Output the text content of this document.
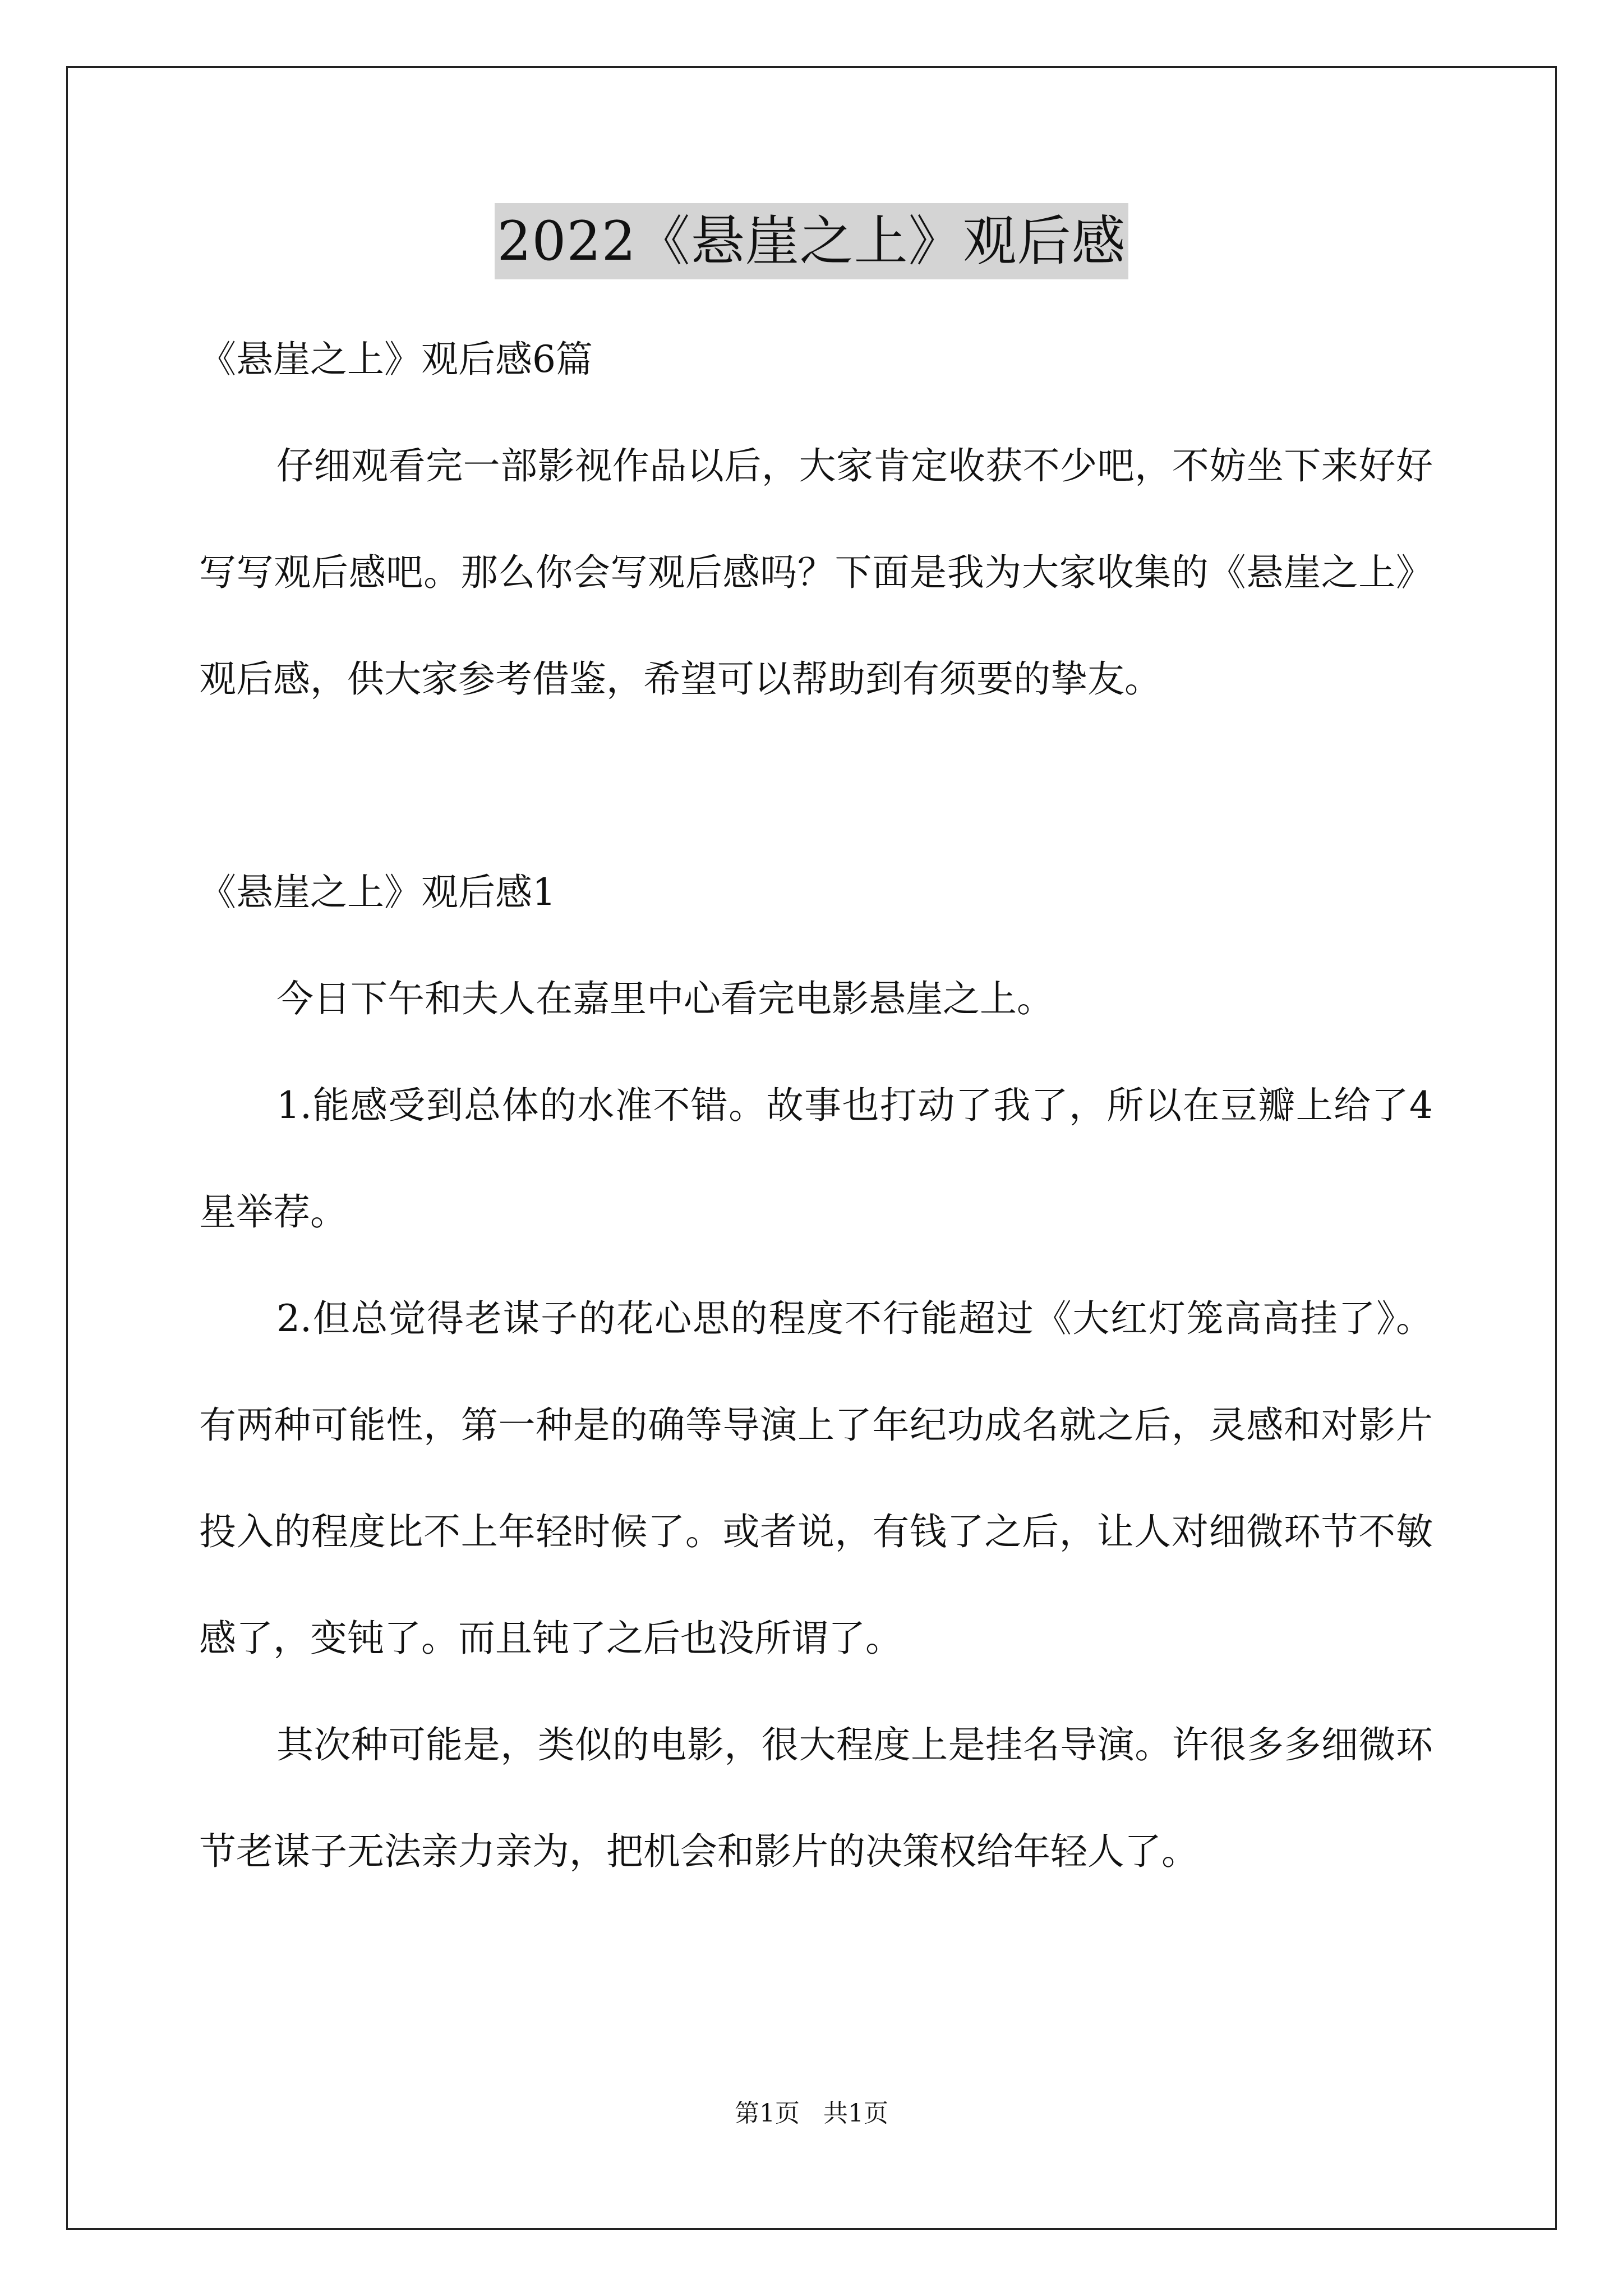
2022《悬崖之上》观后感

《悬崖之上》观后感6篇

仔细观看完一部影视作品以后，大家肯定收获不少吧，不妨坐下来好好写写观后感吧。那么你会写观后感吗？下面是我为大家收集的《悬崖之上》观后感，供大家参考借鉴，希望可以帮助到有须要的挚友。

《悬崖之上》观后感1

今日下午和夫人在嘉里中心看完电影悬崖之上。

1.能感受到总体的水准不错。故事也打动了我了，所以在豆瓣上给了4星举荐。

2.但总觉得老谋子的花心思的程度不行能超过《大红灯笼高高挂了》。有两种可能性，第一种是的确等导演上了年纪功成名就之后，灵感和对影片投入的程度比不上年轻时候了。或者说，有钱了之后，让人对细微环节不敏感了，变钝了。而且钝了之后也没所谓了。

其次种可能是，类似的电影，很大程度上是挂名导演。许很多多细微环节老谋子无法亲力亲为，把机会和影片的决策权给年轻人了。

第1页 共1页
